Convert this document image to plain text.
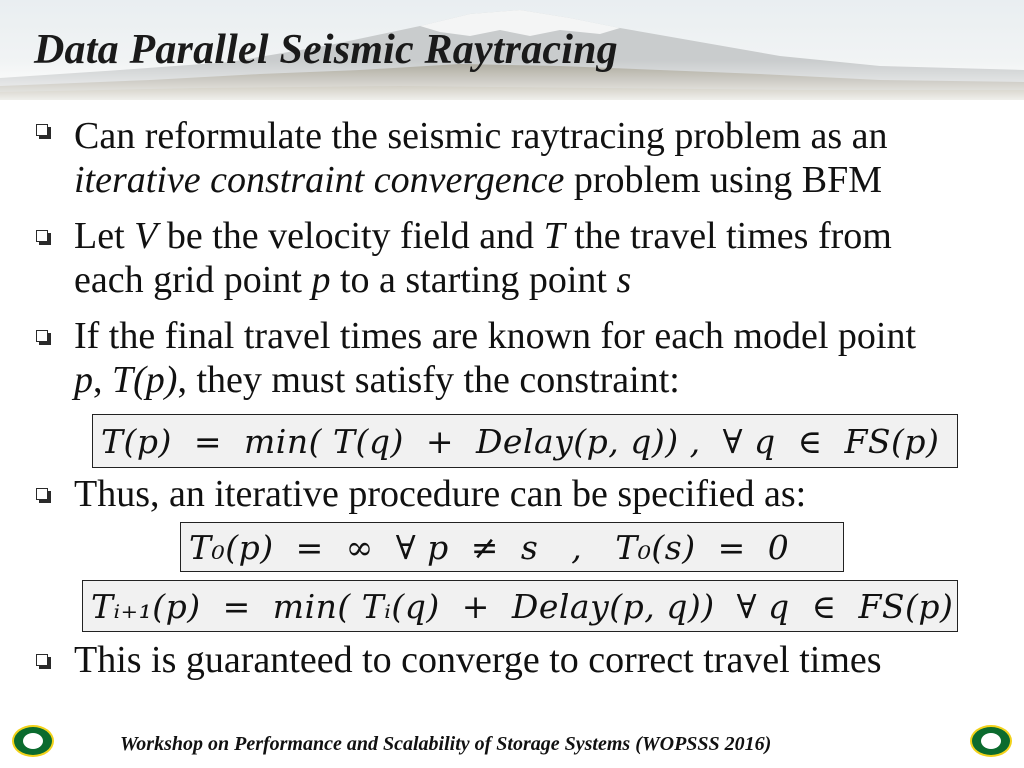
Data Parallel Seismic Raytracing
Can reformulate the seismic raytracing problem as an
iterative constraint convergence problem using BFM
Let V be the velocity field and T the travel times from
each grid point p to a starting point s
If the final travel times are known for each model point
p, T(p), they must satisfy the constraint:
T(p)  =  min( T(q)  +  Delay(p, q)) ,  ∀ q  ∈  FS(p)
Thus, an iterative procedure can be specified as:
T₀(p)  =  ∞  ∀ p  ≠  s   ,   T₀(s)  =  0
Tᵢ₊₁(p)  =  min( Tᵢ(q)  +  Delay(p, q))  ∀ q  ∈  FS(p)
This is guaranteed to converge to correct travel times
Workshop on Performance and Scalability of Storage Systems (WOPSSS 2016)
